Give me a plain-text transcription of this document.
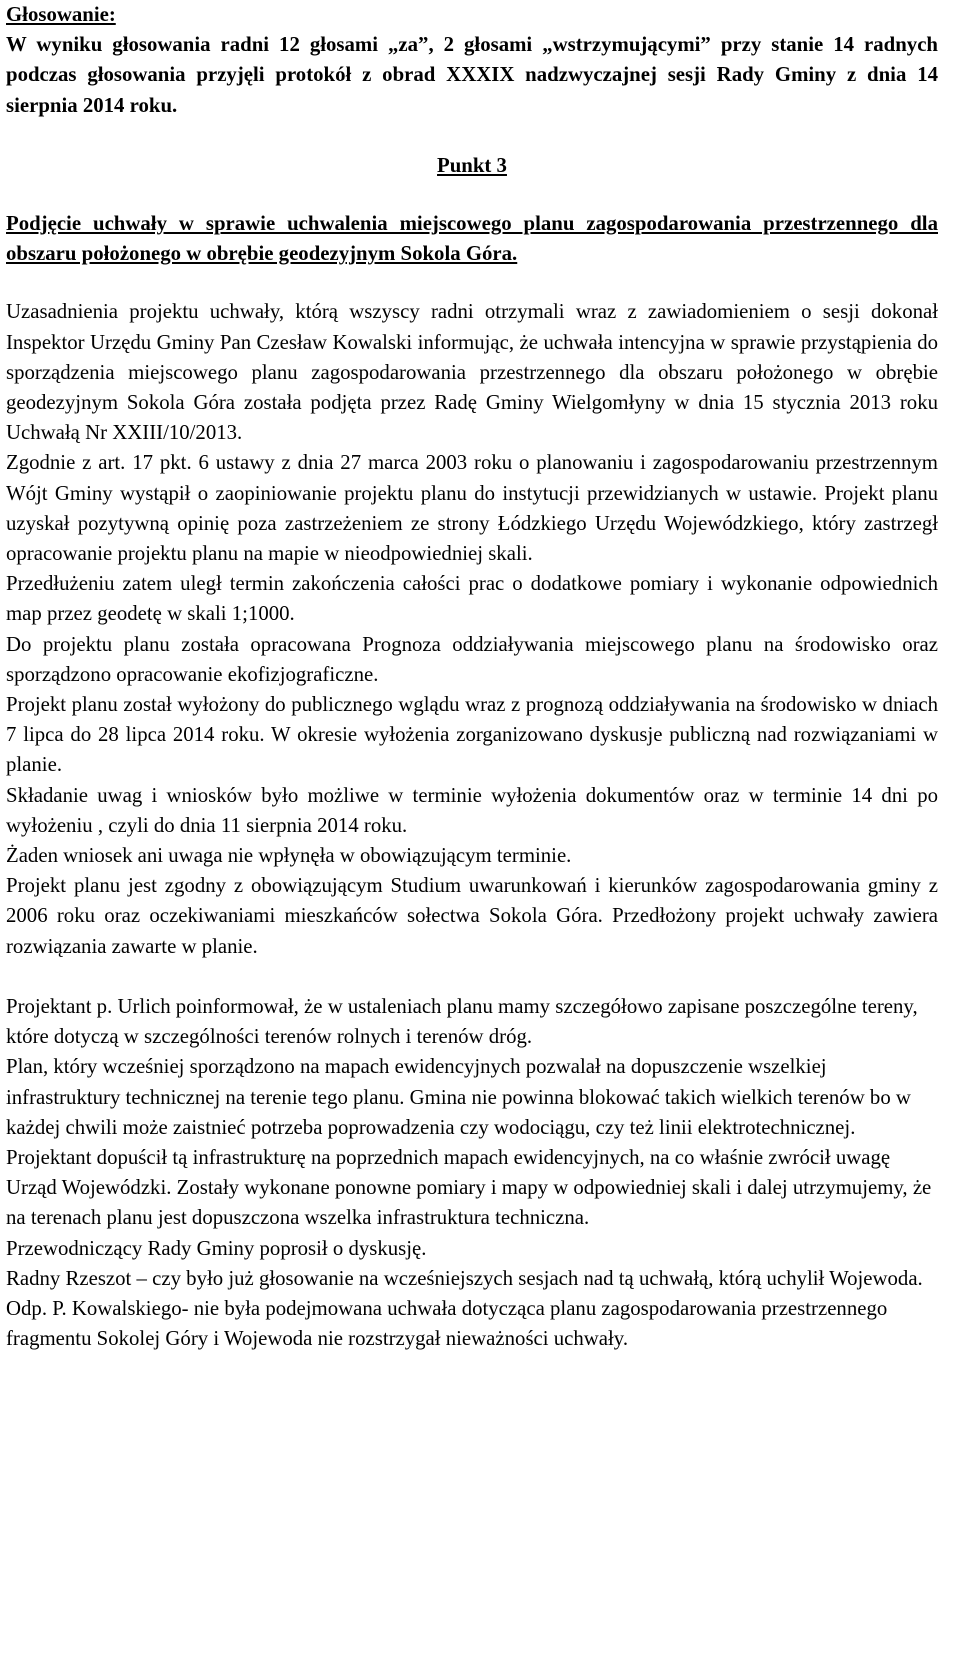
Głosowanie:

W wyniku głosowania radni 12 głosami „za”, 2 głosami „wstrzymującymi” przy stanie 14 radnych podczas głosowania przyjęli protokół z obrad XXXIX nadzwyczajnej sesji Rady Gminy z dnia 14 sierpnia 2014 roku.

Punkt 3

Podjęcie uchwały w sprawie uchwalenia miejscowego planu zagospodarowania przestrzennego dla obszaru położonego w obrębie geodezyjnym Sokola Góra.

Uzasadnienia projektu uchwały, którą wszyscy radni otrzymali wraz z zawiadomieniem o sesji dokonał Inspektor Urzędu Gminy Pan Czesław Kowalski informując, że uchwała intencyjna w sprawie przystąpienia do sporządzenia miejscowego planu zagospodarowania przestrzennego dla obszaru położonego w obrębie geodezyjnym Sokola Góra została podjęta przez Radę Gminy Wielgomłyny w dnia 15 stycznia 2013 roku Uchwałą Nr XXIII/10/2013.

Zgodnie z art. 17 pkt. 6 ustawy z dnia 27 marca 2003 roku o planowaniu i zagospodarowaniu przestrzennym Wójt Gminy wystąpił o zaopiniowanie projektu planu do instytucji przewidzianych w ustawie. Projekt planu uzyskał pozytywną opinię poza zastrzeżeniem ze strony Łódzkiego Urzędu Wojewódzkiego, który zastrzegł opracowanie projektu planu na mapie w nieodpowiedniej skali.

Przedłużeniu zatem uległ termin zakończenia całości prac o dodatkowe pomiary i wykonanie odpowiednich map przez geodetę w skali 1;1000.

Do projektu planu została opracowana Prognoza oddziaływania miejscowego planu na środowisko oraz sporządzono opracowanie ekofizjograficzne.

Projekt planu został wyłożony do publicznego wglądu wraz z prognozą oddziaływania na środowisko w dniach 7 lipca do 28 lipca 2014 roku. W okresie wyłożenia zorganizowano dyskusje publiczną nad rozwiązaniami w planie.

Składanie uwag i wniosków było możliwe w terminie wyłożenia dokumentów oraz w terminie 14 dni po wyłożeniu , czyli do dnia 11 sierpnia 2014 roku.

Żaden wniosek ani uwaga nie wpłynęła w obowiązującym terminie.

Projekt planu jest zgodny z obowiązującym Studium uwarunkowań i kierunków zagospodarowania gminy z 2006 roku oraz oczekiwaniami mieszkańców sołectwa Sokola Góra. Przedłożony projekt uchwały zawiera rozwiązania zawarte w planie.

Projektant p. Urlich poinformował, że w ustaleniach planu mamy szczegółowo zapisane poszczególne tereny, które dotyczą w szczególności terenów rolnych i terenów dróg.

Plan, który wcześniej sporządzono na mapach ewidencyjnych pozwalał na dopuszczenie wszelkiej infrastruktury technicznej na terenie tego planu. Gmina nie powinna blokować takich wielkich terenów bo w każdej chwili może zaistnieć potrzeba poprowadzenia czy wodociągu, czy też linii elektrotechnicznej. Projektant dopuścił tą infrastrukturę na poprzednich mapach ewidencyjnych, na co właśnie zwrócił uwagę Urząd Wojewódzki. Zostały wykonane ponowne pomiary i mapy w odpowiedniej skali i dalej utrzymujemy, że na terenach planu jest dopuszczona wszelka infrastruktura techniczna.

Przewodniczący Rady Gminy poprosił o dyskusję.

Radny Rzeszot – czy było już głosowanie na wcześniejszych sesjach nad tą uchwałą, którą uchylił Wojewoda.

Odp. P. Kowalskiego- nie była podejmowana uchwała dotycząca planu zagospodarowania przestrzennego fragmentu Sokolej Góry i Wojewoda nie rozstrzygał nieważności uchwały.
